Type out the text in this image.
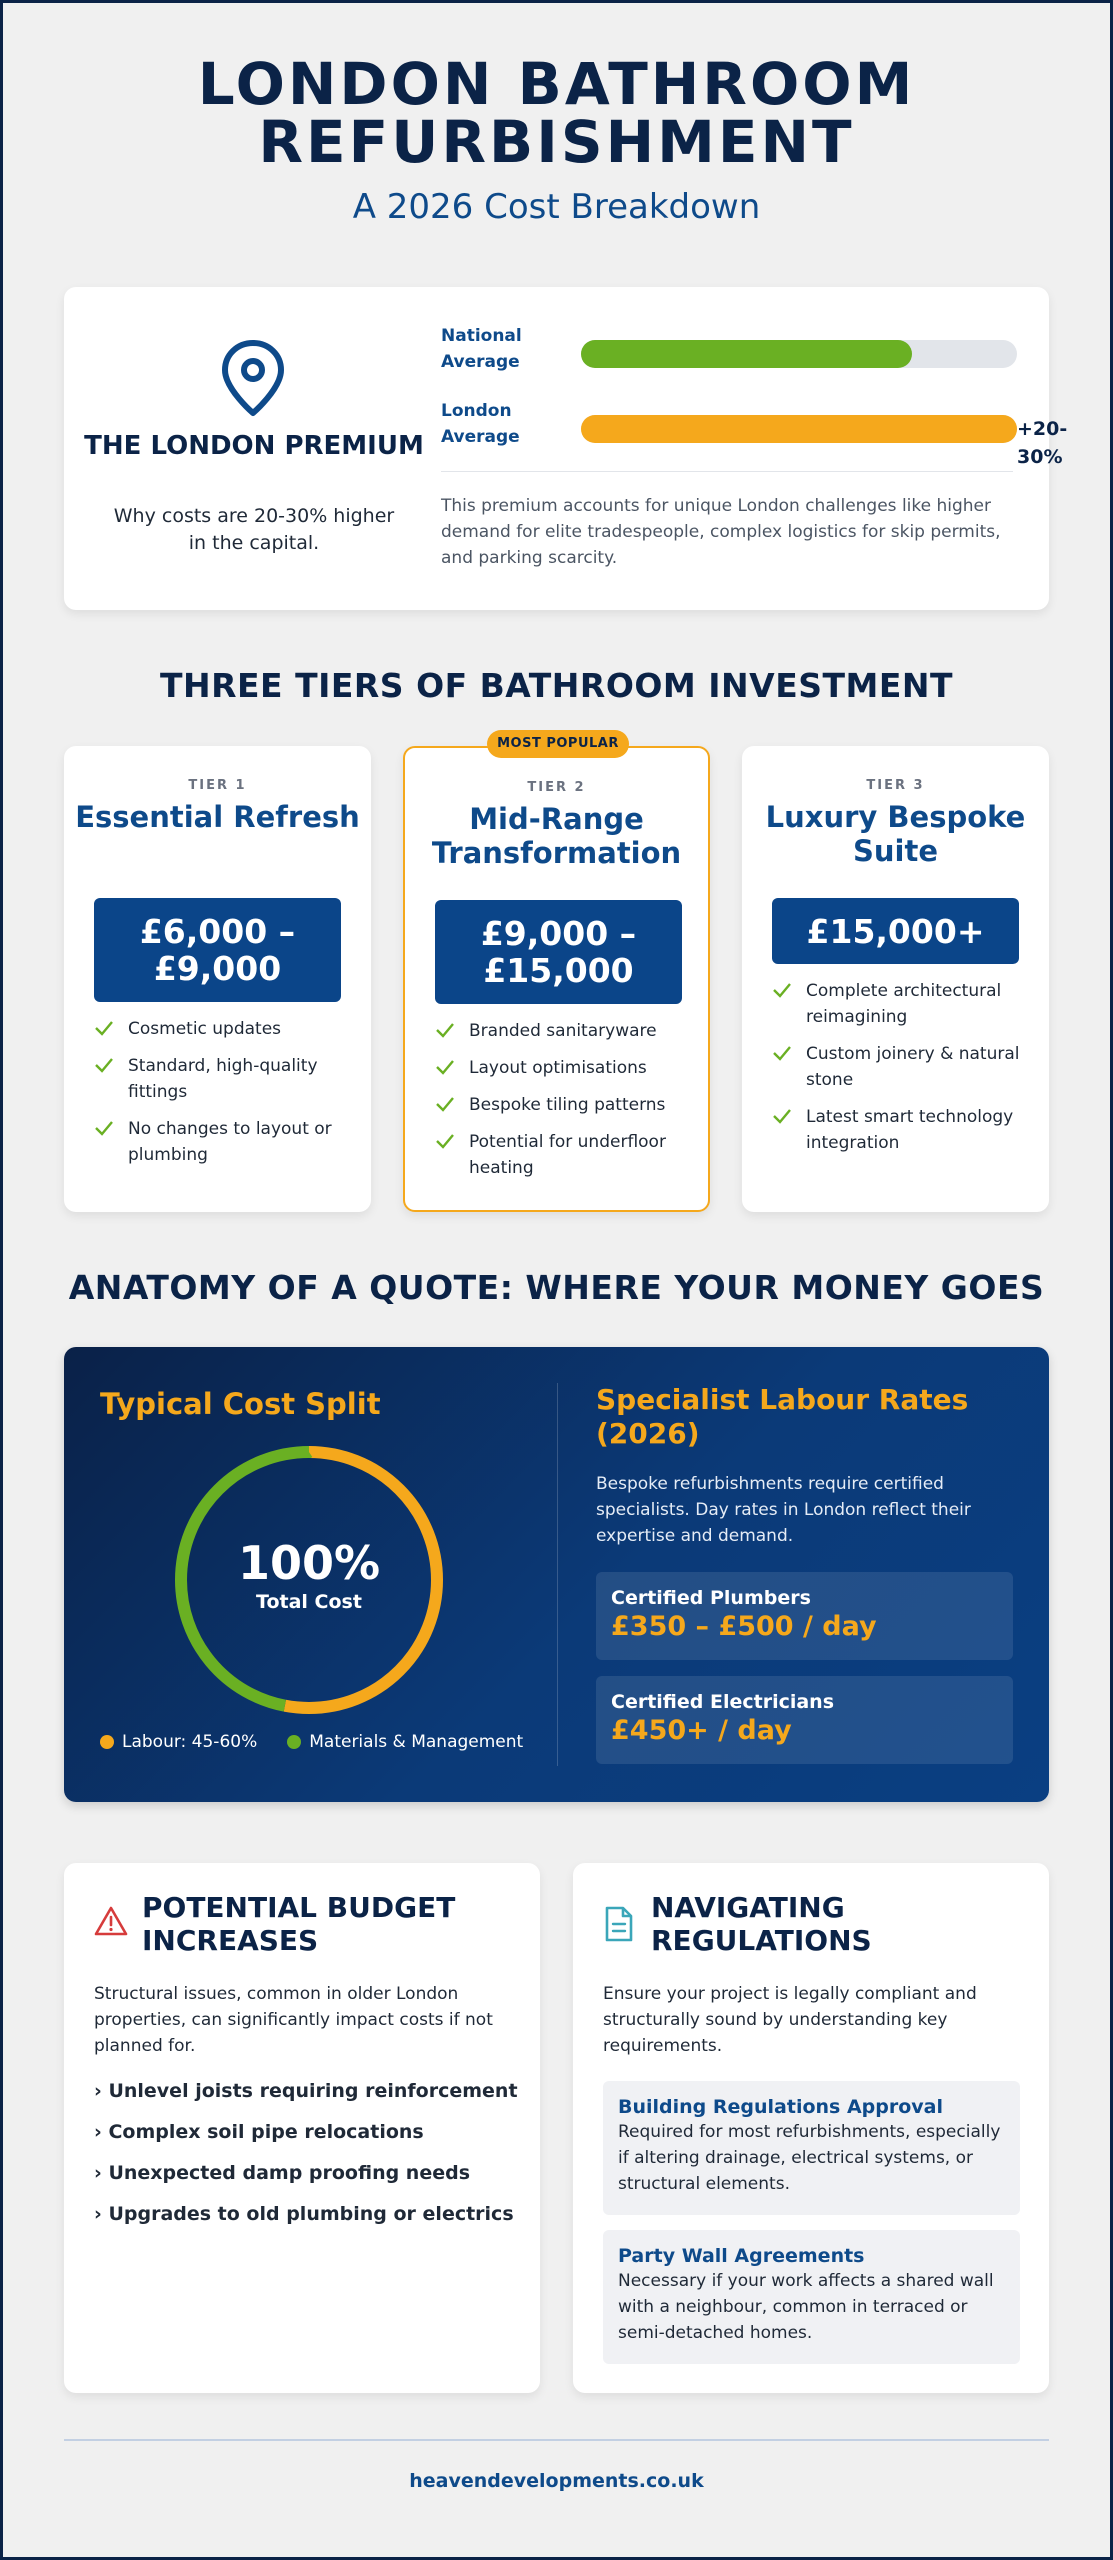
LONDON BATHROOM
REFURBISHMENT
A 2026 Cost Breakdown
THE LONDON PREMIUM
Why costs are 20-30% higher in the capital.
National Average
London Average	+20-30%
This premium accounts for unique London challenges like higher demand for elite tradespeople, complex logistics for skip permits, and parking scarcity.
THREE TIERS OF BATHROOM INVESTMENT
TIER 1
Essential Refresh
£6,000 – £9,000
Cosmetic updates
Standard, high-quality fittings
No changes to layout or plumbing
MOST POPULAR
TIER 2
Mid-Range Transformation
£9,000 – £15,000
Branded sanitaryware
Layout optimisations
Bespoke tiling patterns
Potential for underfloor heating
TIER 3
Luxury Bespoke Suite
£15,000+
Complete architectural reimagining
Custom joinery & natural stone
Latest smart technology integration
ANATOMY OF A QUOTE: WHERE YOUR MONEY GOES
Typical Cost Split
100%
Total Cost
Labour: 45-60%	Materials & Management
Specialist Labour Rates (2026)
Bespoke refurbishments require certified specialists. Day rates in London reflect their expertise and demand.
Certified Plumbers
£350 – £500 / day
Certified Electricians
£450+ / day
POTENTIAL BUDGET INCREASES
Structural issues, common in older London properties, can significantly impact costs if not planned for.
› Unlevel joists requiring reinforcement
› Complex soil pipe relocations
› Unexpected damp proofing needs
› Upgrades to old plumbing or electrics
NAVIGATING REGULATIONS
Ensure your project is legally compliant and structurally sound by understanding key requirements.
Building Regulations Approval
Required for most refurbishments, especially if altering drainage, electrical systems, or structural elements.
Party Wall Agreements
Necessary if your work affects a shared wall with a neighbour, common in terraced or semi-detached homes.
heavendevelopments.co.uk
